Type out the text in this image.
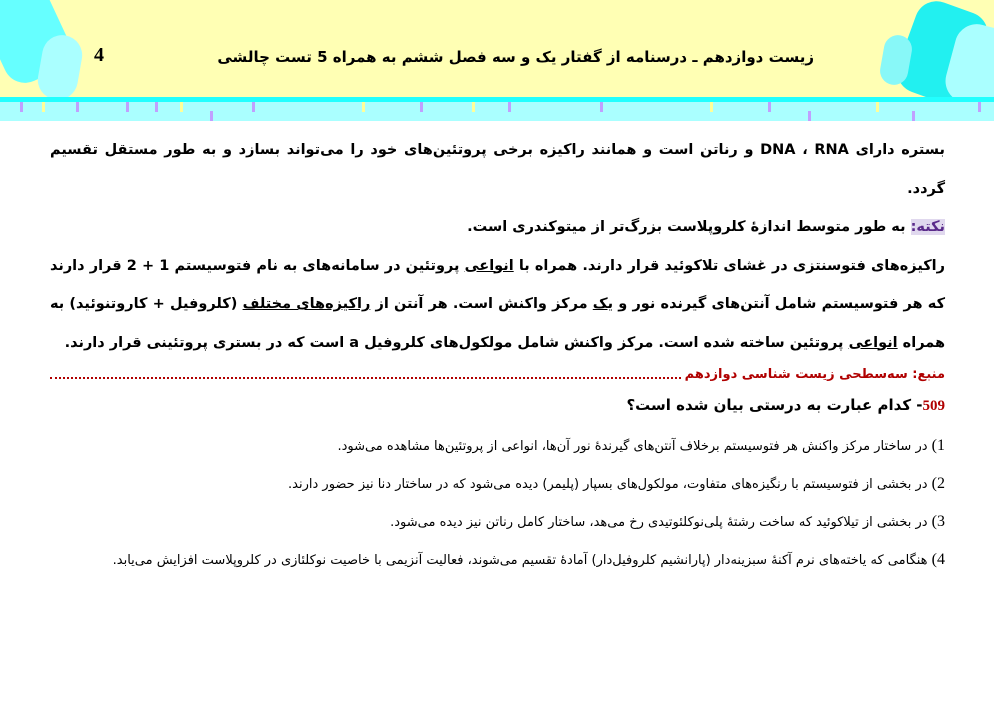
4	زیست دوازدهم ـ درسنامه از گفتار یک و سه فصل ششم به همراه 5 تست چالشی

بستره دارای DNA ، RNA و رناتن است و همانند راکیزه برخی پروتئین‌های خود را می‌تواند بسازد و به طور مستقل تقسیم گردد.

نکته: به طور متوسط اندازهٔ کلروپلاست بزرگ‌تر از میتوکندری است.

راکیزه‌های فتوسنتزی در غشای تلاکوئید قرار دارند. همراه با انواعی پروتئین در سامانه‌های به نام فتوسیستم 1 + 2 قرار دارند که هر فتوسیستم شامل آنتن‌های گیرنده نور و یک مرکز واکنش است. هر آنتن از راکیزه‌های مختلف (کلروفیل + کاروتنوئید) به همراه انواعی پروتئین ساخته شده است. مرکز واکنش شامل مولکول‌های کلروفیل a است که در بستری پروتئینی قرار دارند.

منبع: سه‌سطحی زیست شناسی دوازدهم
509- کدام عبارت به درستی بیان شده است؟

1) در ساختار مرکز واکنش هر فتوسیستم برخلاف آنتن‌های گیرندهٔ نور آن‌ها، انواعی از پروتئین‌ها مشاهده می‌شود.

2) در بخشی از فتوسیستم با رنگیزه‌های متفاوت، مولکول‌های بسپار (پلیمر) دیده می‌شود که در ساختار دنا نیز حضور دارند.

3) در بخشی از تیلاکوئید که ساخت رشتهٔ پلی‌نوکلئوتیدی رخ می‌هد، ساختار کامل رناتن نیز دیده می‌شود.

4) هنگامی که یاخته‌های نرم آکنهٔ سبزینه‌دار (پارانشیم کلروفیل‌دار) آمادهٔ تقسیم می‌شوند، فعالیت آنزیمی با خاصیت نوکلئازی در کلروپلاست افزایش می‌یابد.
